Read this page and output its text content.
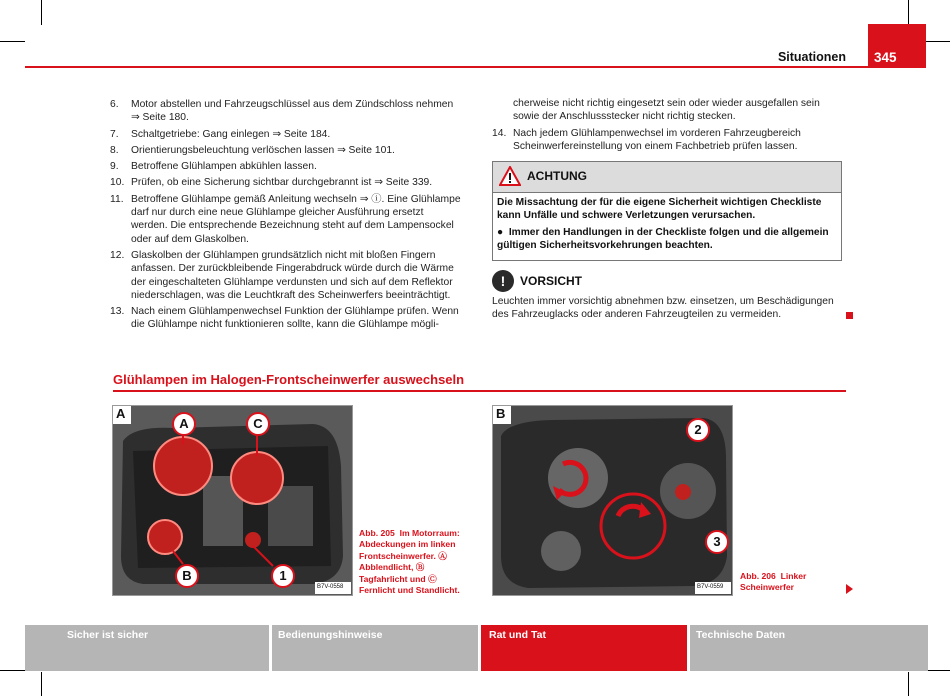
Situationen 345
6. Motor abstellen und Fahrzeugschlüssel aus dem Zündschloss nehmen ⇒ Seite 180.
7. Schaltgetriebe: Gang einlegen ⇒ Seite 184.
8. Orientierungsbeleuchtung verlöschen lassen ⇒ Seite 101.
9. Betroffene Glühlampen abkühlen lassen.
10. Prüfen, ob eine Sicherung sichtbar durchgebrannt ist ⇒ Seite 339.
11. Betroffene Glühlampe gemäß Anleitung wechseln ⇒ ⓘ. Eine Glühlampe darf nur durch eine neue Glühlampe gleicher Ausführung ersetzt werden. Die entsprechende Bezeichnung steht auf dem Lampensockel oder auf dem Glaskolben.
12. Glaskolben der Glühlampen grundsätzlich nicht mit bloßen Fingern anfassen. Der zurückbleibende Fingerabdruck würde durch die Wärme der eingeschalteten Glühlampe verdunsten und sich auf dem Reflektor niederschlagen, was die Leuchtkraft des Scheinwerfers beeinträchtigt.
13. Nach einem Glühlampenwechsel Funktion der Glühlampe prüfen. Wenn die Glühlampe nicht funktionieren sollte, kann die Glühlampe mögli-
cherweise nicht richtig eingesetzt sein oder wieder ausgefallen sein sowie der Anschlussstecker nicht richtig stecken.
14. Nach jedem Glühlampenwechsel im vorderen Fahrzeugbereich Scheinwerfereinstellung von einem Fachbetrieb prüfen lassen.
ACHTUNG

Die Missachtung der für die eigene Sicherheit wichtigen Checkliste kann Unfälle und schwere Verletzungen verursachen.

● Immer den Handlungen in der Checkliste folgen und die allgemein gültigen Sicherheitsvorkehrungen beachten.

!	VORSICHT
Leuchten immer vorsichtig abnehmen bzw. einsetzen, um Beschädigungen des Fahrzeuglacks oder anderen Fahrzeugteilen zu vermeiden.
Glühlampen im Halogen-Frontscheinwerfer auswechseln
A
A	C
B	1
B7V-0558
Abb. 205 Im Motorraum: Abdeckungen im linken Frontscheinwerfer. Ⓐ Abblendlicht, Ⓑ Tagfahrlicht und Ⓒ Fernlicht und Standlicht.
B
2
3
B7V-0559
Abb. 206 Linker Scheinwerfer
Sicher ist sicher	Bedienungshinweise	Rat und Tat	Technische Daten
